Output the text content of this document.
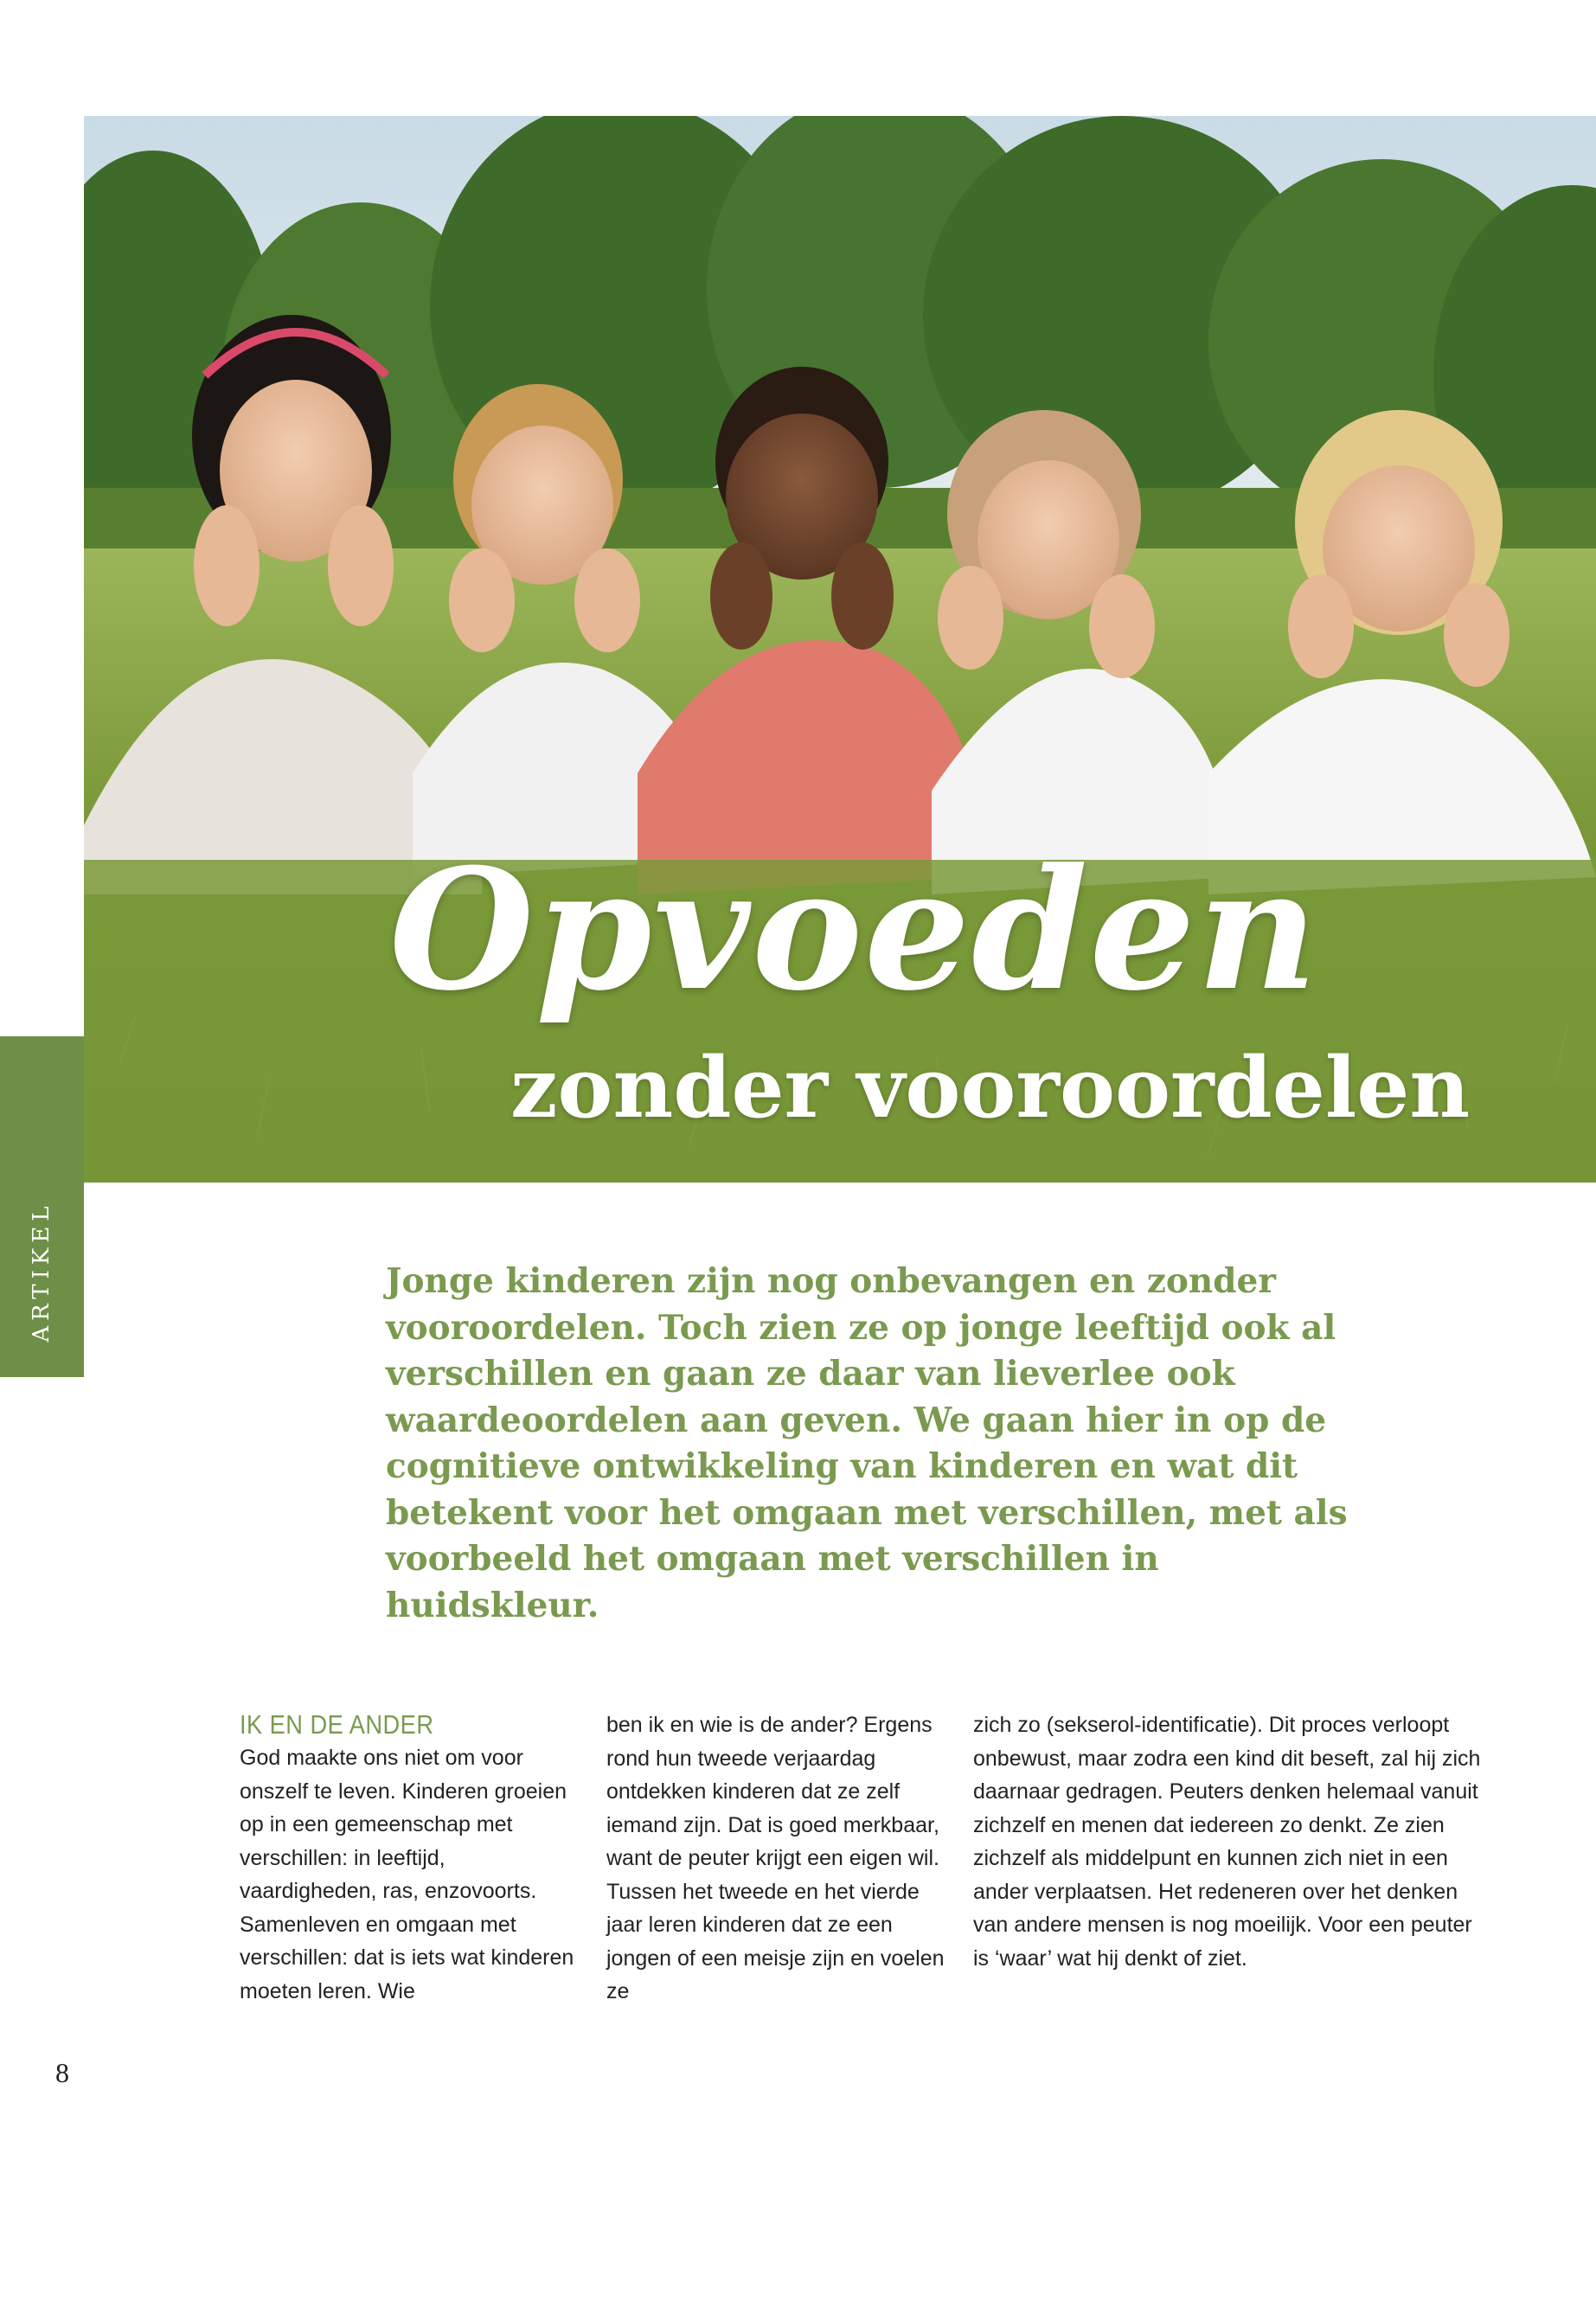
Opvoeden
zonder vooroordelen
ARTIKEL	Jonge kinderen zijn nog onbevangen en zonder vooroordelen. Toch zien ze op jonge leeftijd ook al verschillen en gaan ze daar van lieverlee ook waardeoordelen aan geven. We gaan hier in op de cognitieve ontwikkeling van kinderen en wat dit betekent voor het omgaan met verschillen, met als voorbeeld het omgaan met verschillen in huidskleur.

IK EN DE ANDER

God maakte ons niet om voor onszelf te leven. Kinderen groeien op in een gemeenschap met verschillen: in leeftijd, vaardigheden, ras, enzovoorts. Samenleven en omgaan met verschillen: dat is iets wat kinderen moeten leren. Wie

ben ik en wie is de ander? Ergens rond hun tweede verjaardag ontdekken kinderen dat ze zelf iemand zijn. Dat is goed merkbaar, want de peuter krijgt een eigen wil. Tussen het tweede en het vierde jaar leren kinderen dat ze een jongen of een meisje zijn en voelen ze

zich zo (sekserol-identificatie). Dit proces verloopt onbewust, maar zodra een kind dit beseft, zal hij zich daarnaar gedragen. Peuters denken helemaal vanuit zichzelf en menen dat iedereen zo denkt. Ze zien zichzelf als middelpunt en kunnen zich niet in een ander verplaatsen. Het redeneren over het denken van andere mensen is nog moeilijk. Voor een peuter is ‘waar’ wat hij denkt of ziet.

8
